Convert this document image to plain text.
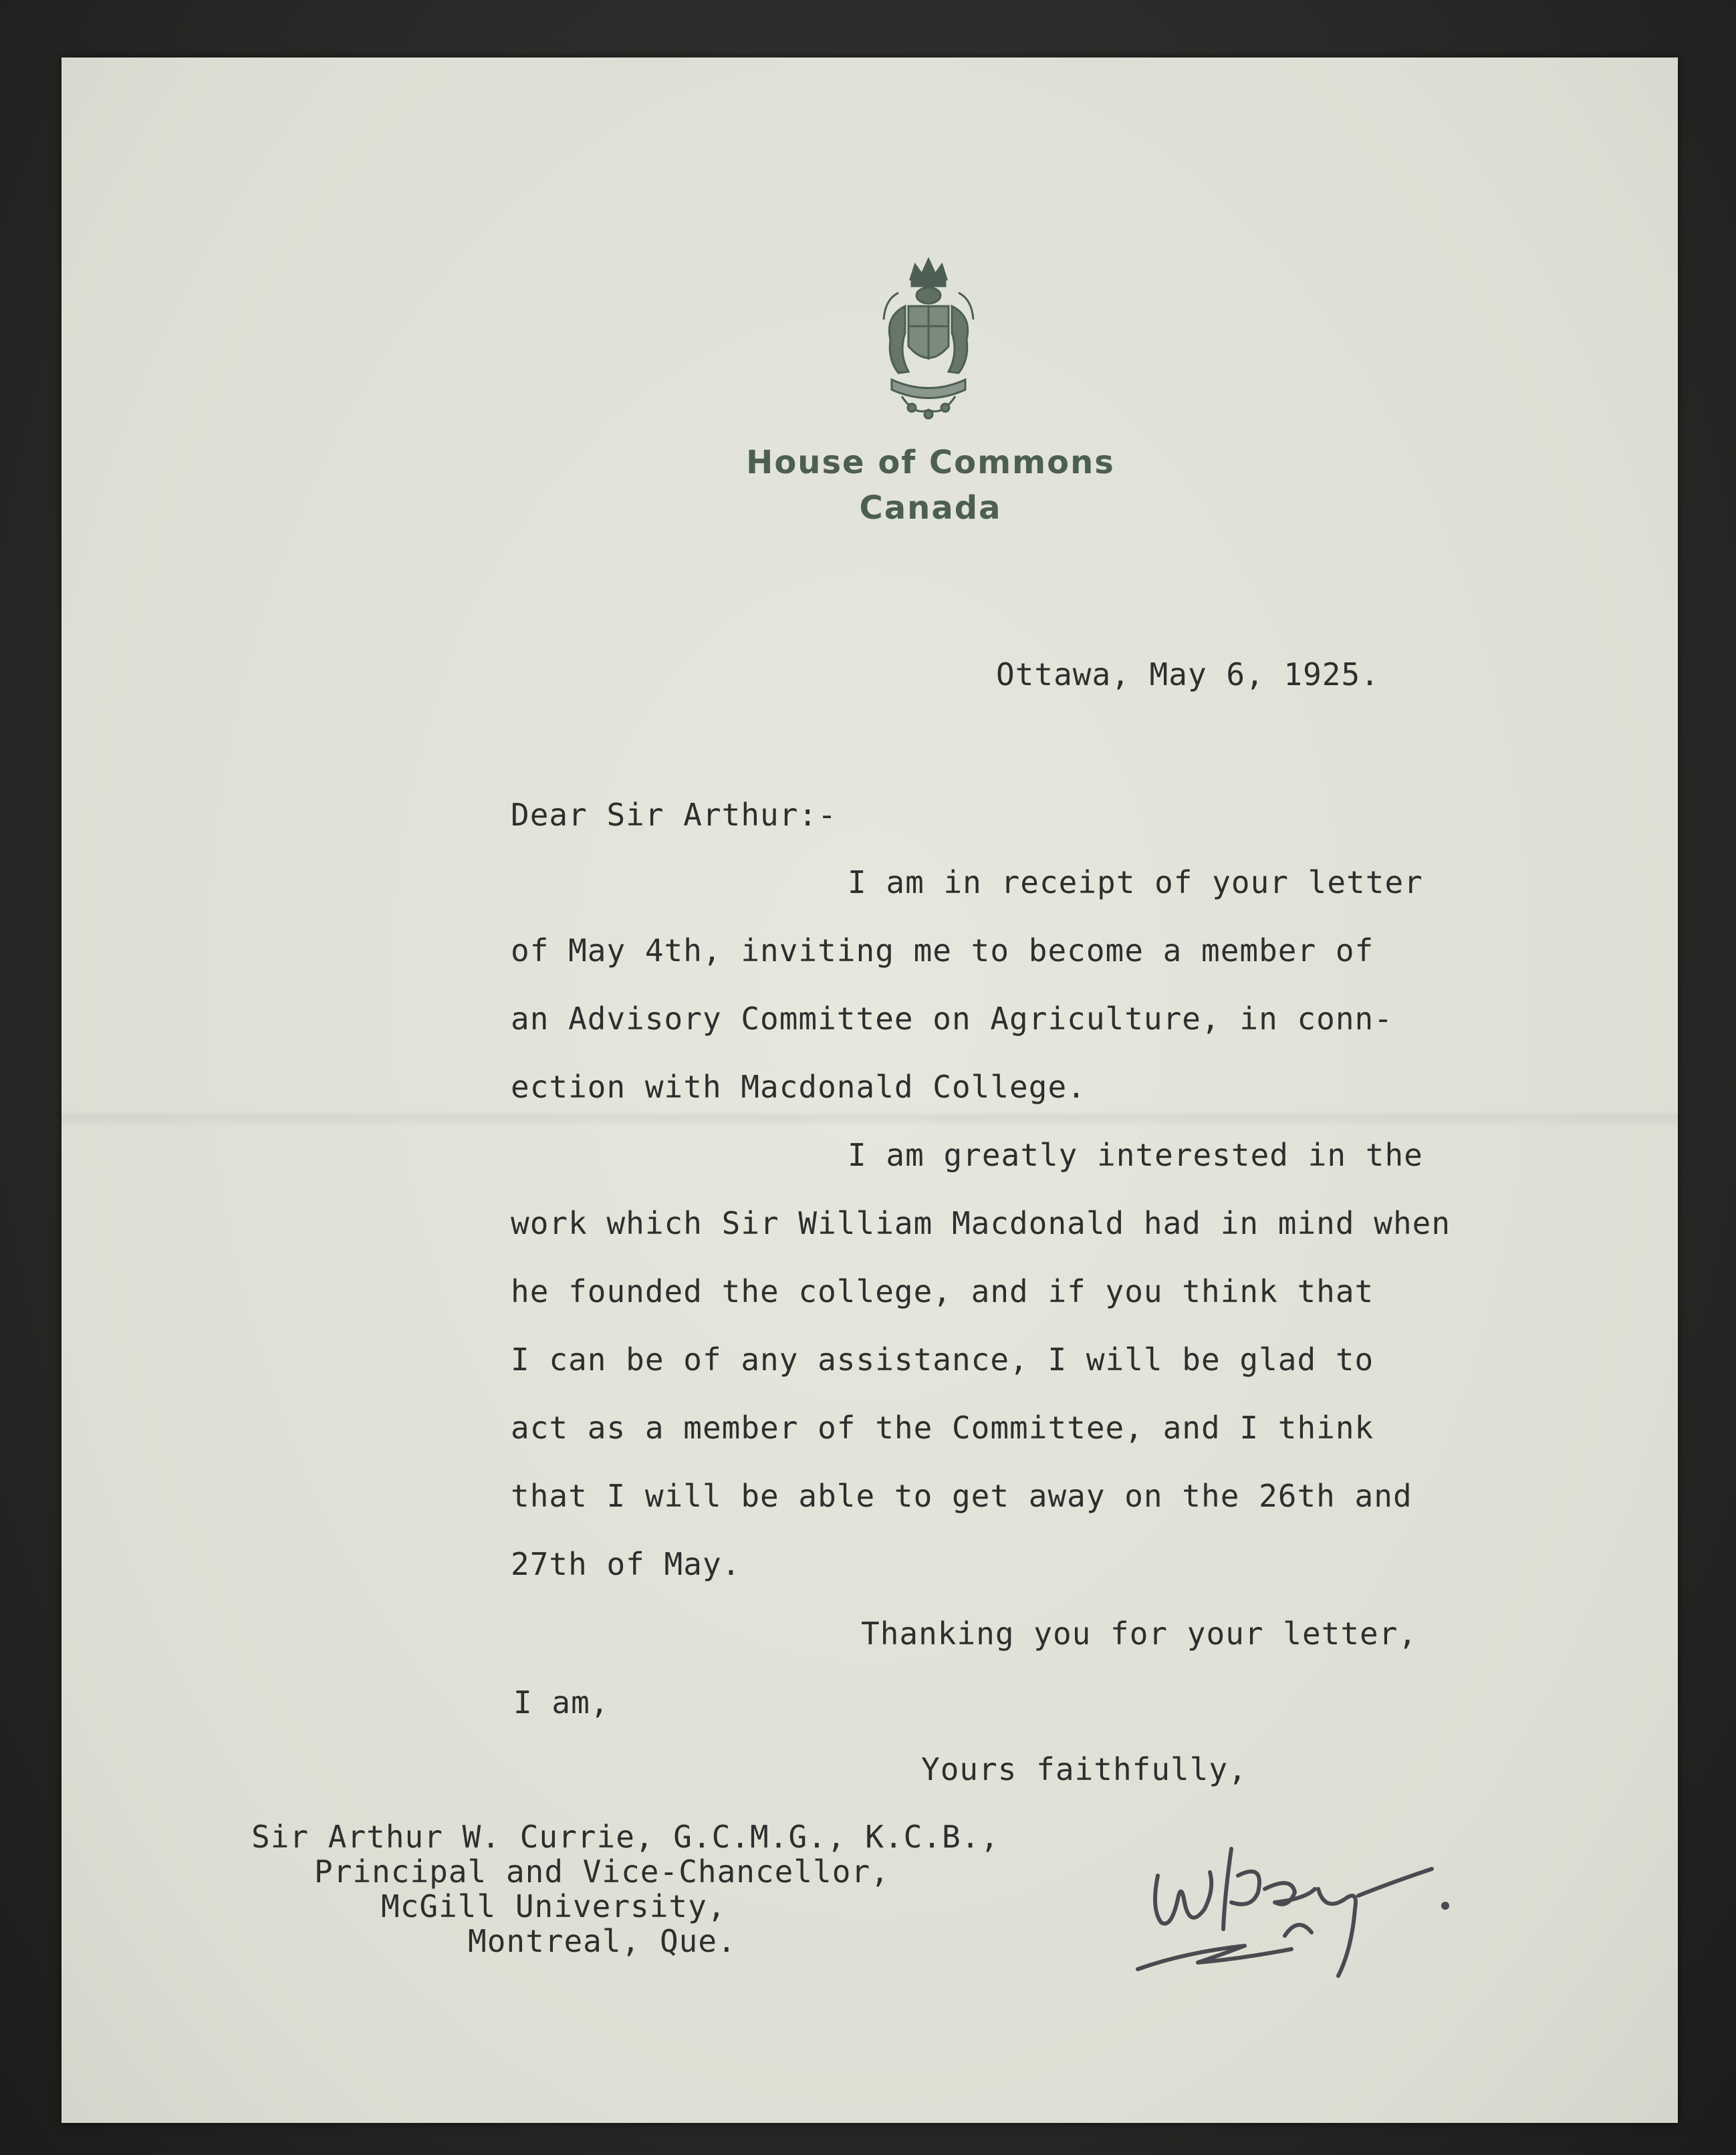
House of Commons
Canada

Ottawa, May 6, 1925.

Dear Sir Arthur:-

I am in receipt of your letter

of May 4th, inviting me to become a member of

an Advisory Committee on Agriculture, in conn-

ection with Macdonald College.

I am greatly interested in the

work which Sir William Macdonald had in mind when

he founded the college, and if you think that

I can be of any assistance, I will be glad to

act as a member of the Committee, and I think

that I will be able to get away on the 26th and

27th of May.

Thanking you for your letter,

I am,

Yours faithfully,

Sir Arthur W. Currie, G.C.M.G., K.C.B.,

Principal and Vice-Chancellor,

McGill University,

Montreal, Que.
